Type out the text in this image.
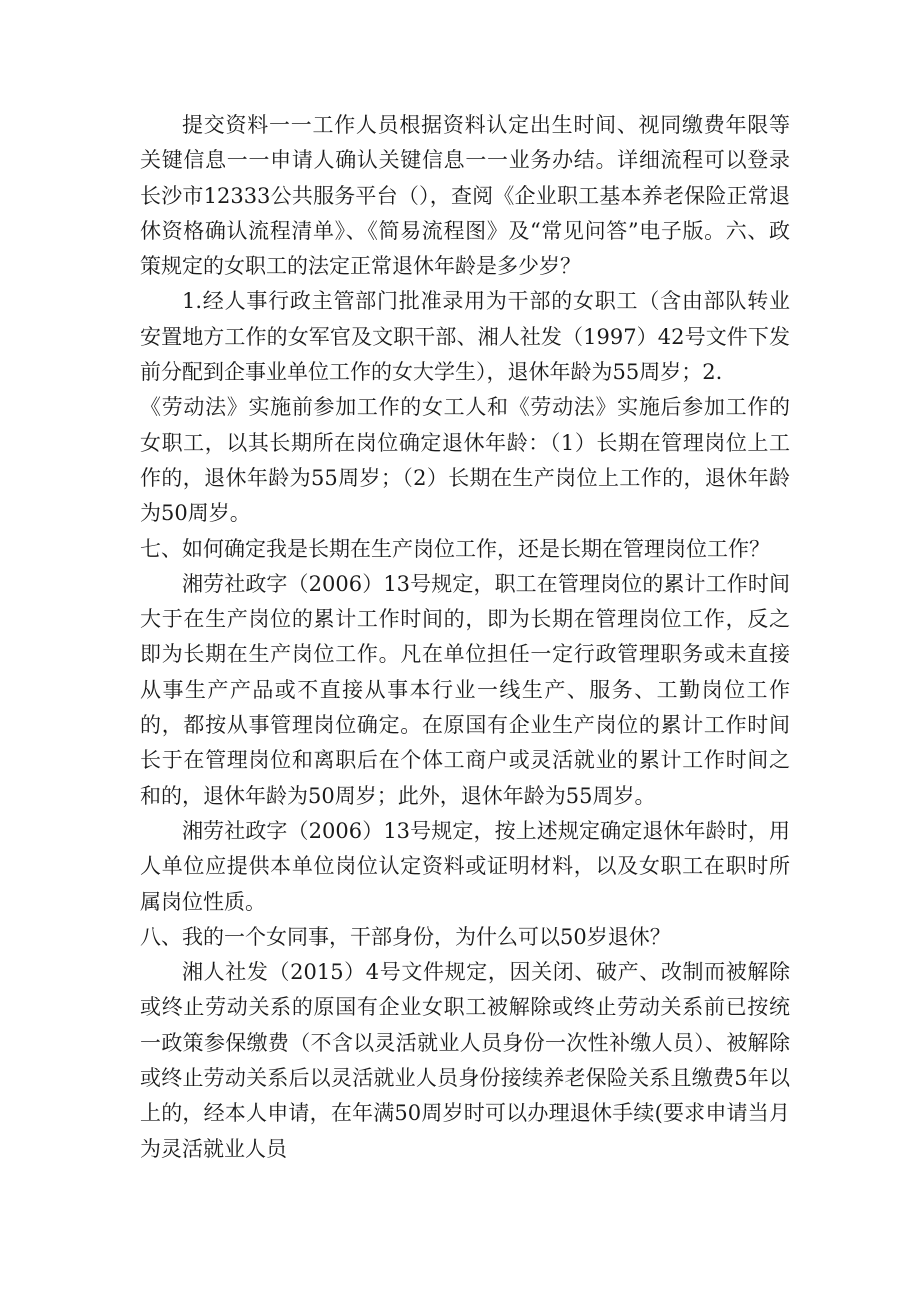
提交资料一一工作人员根据资料认定出生时间、视同缴费年限等关键信息一一申请人确认关键信息一一业务办结。详细流程可以登录长沙市12333公共服务平台（），查阅《企业职工基本养老保险正常退休资格确认流程清单》、《简易流程图》及“常见问答”电子版。六、政策规定的女职工的法定正常退休年龄是多少岁？

1.经人事行政主管部门批准录用为干部的女职工（含由部队转业安置地方工作的女军官及文职干部、湘人社发（1997）42号文件下发前分配到企事业单位工作的女大学生），退休年龄为55周岁；2.

《劳动法》实施前参加工作的女工人和《劳动法》实施后参加工作的女职工，以其长期所在岗位确定退休年龄：（1）长期在管理岗位上工作的，退休年龄为55周岁；（2）长期在生产岗位上工作的，退休年龄为50周岁。

七、如何确定我是长期在生产岗位工作，还是长期在管理岗位工作？

湘劳社政字（2006）13号规定，职工在管理岗位的累计工作时间大于在生产岗位的累计工作时间的，即为长期在管理岗位工作，反之即为长期在生产岗位工作。凡在单位担任一定行政管理职务或未直接从事生产产品或不直接从事本行业一线生产、服务、工勤岗位工作的，都按从事管理岗位确定。在原国有企业生产岗位的累计工作时间长于在管理岗位和离职后在个体工商户或灵活就业的累计工作时间之和的，退休年龄为50周岁；此外，退休年龄为55周岁。

湘劳社政字（2006）13号规定，按上述规定确定退休年龄时，用人单位应提供本单位岗位认定资料或证明材料，以及女职工在职时所属岗位性质。

八、我的一个女同事，干部身份，为什么可以50岁退休？

湘人社发（2015）4号文件规定，因关闭、破产、改制而被解除或终止劳动关系的原国有企业女职工被解除或终止劳动关系前已按统一政策参保缴费（不含以灵活就业人员身份一次性补缴人员）、被解除或终止劳动关系后以灵活就业人员身份接续养老保险关系且缴费5年以上的，经本人申请，在年满50周岁时可以办理退休手续(要求申请当月为灵活就业人员
